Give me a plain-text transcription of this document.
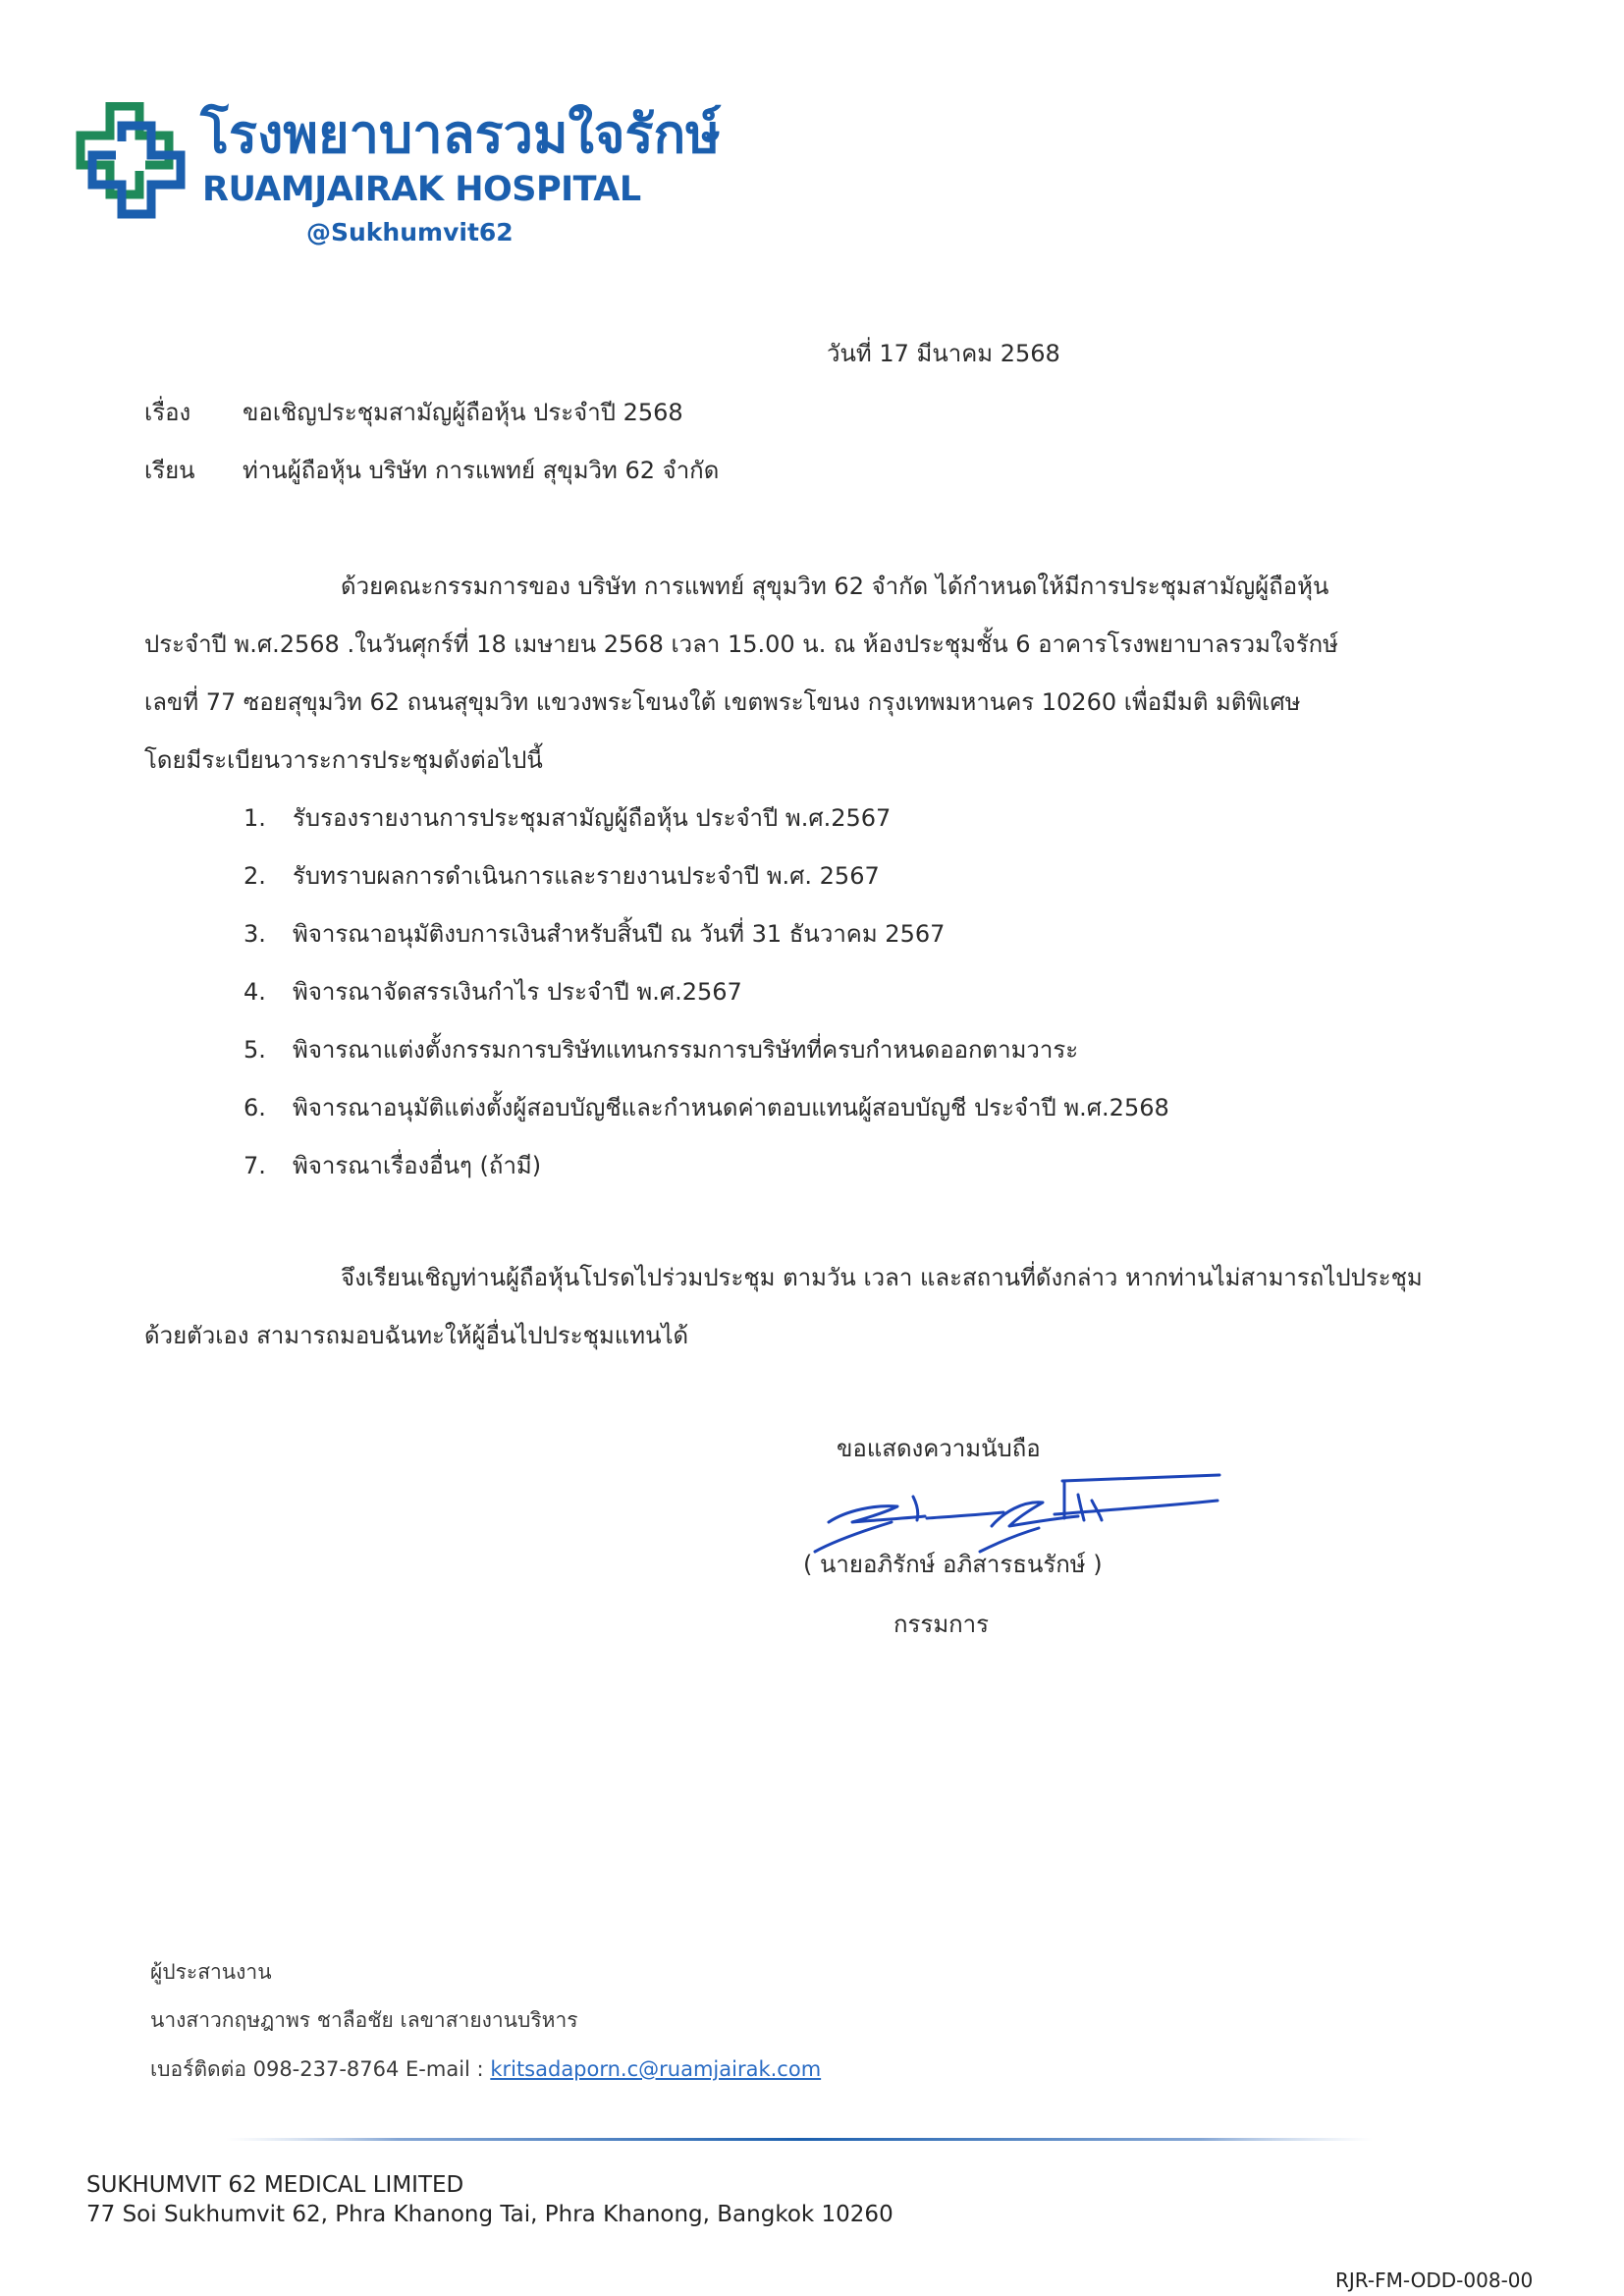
โรงพยาบาลรวมใจรักษ์
RUAMJAIRAK HOSPITAL
@Sukhumvit62
วันที่ 17 มีนาคม 2568
เรื่อง ขอเชิญประชุมสามัญผู้ถือหุ้น ประจำปี 2568
เรียน ท่านผู้ถือหุ้น บริษัท การแพทย์ สุขุมวิท 62 จำกัด
ด้วยคณะกรรมการของ บริษัท การแพทย์ สุขุมวิท 62 จำกัด ได้กำหนดให้มีการประชุมสามัญผู้ถือหุ้น
ประจำปี พ.ศ.2568 .ในวันศุกร์ที่ 18 เมษายน 2568 เวลา 15.00 น. ณ ห้องประชุมชั้น 6 อาคารโรงพยาบาลรวมใจรักษ์
เลขที่ 77 ซอยสุขุมวิท 62 ถนนสุขุมวิท แขวงพระโขนงใต้ เขตพระโขนง กรุงเทพมหานคร 10260 เพื่อมีมติ มติพิเศษ
โดยมีระเบียนวาระการประชุมดังต่อไปนี้
1.	รับรองรายงานการประชุมสามัญผู้ถือหุ้น ประจำปี พ.ศ.2567
2.	รับทราบผลการดำเนินการและรายงานประจำปี พ.ศ. 2567
3.	พิจารณาอนุมัติงบการเงินสำหรับสิ้นปี ณ วันที่ 31 ธันวาคม 2567
4.	พิจารณาจัดสรรเงินกำไร ประจำปี พ.ศ.2567
5.	พิจารณาแต่งตั้งกรรมการบริษัทแทนกรรมการบริษัทที่ครบกำหนดออกตามวาระ
6.	พิจารณาอนุมัติแต่งตั้งผู้สอบบัญชีและกำหนดค่าตอบแทนผู้สอบบัญชี ประจำปี พ.ศ.2568
7.	พิจารณาเรื่องอื่นๆ (ถ้ามี)
จึงเรียนเชิญท่านผู้ถือหุ้นโปรดไปร่วมประชุม ตามวัน เวลา และสถานที่ดังกล่าว หากท่านไม่สามารถไปประชุม
ด้วยตัวเอง สามารถมอบฉันทะให้ผู้อื่นไปประชุมแทนได้
ขอแสดงความนับถือ
( นายอภิรักษ์ อภิสารธนรักษ์ )
กรรมการ
ผู้ประสานงาน
นางสาวกฤษฎาพร ชาลือชัย เลขาสายงานบริหาร
เบอร์ติดต่อ 098-237-8764 E-mail : kritsadaporn.c@ruamjairak.com
SUKHUMVIT 62 MEDICAL LIMITED
77 Soi Sukhumvit 62, Phra Khanong Tai, Phra Khanong, Bangkok 10260
RJR-FM-ODD-008-00
